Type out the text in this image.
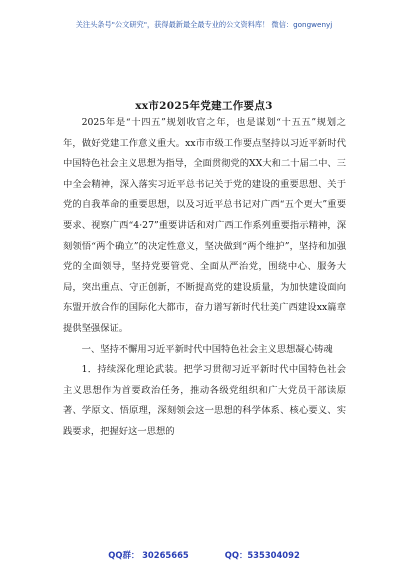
关注头条号"公文研究"，获得最新最全最专业的公文资料库！ 微信：gongwenyj
xx市2025年党建工作要点3

2025年是“十四五”规划收官之年，也是谋划“十五五”规划之年，做好党建工作意义重大。xx市市级工作要点坚持以习近平新时代中国特色社会主义思想为指导，全面贯彻党的XX大和二十届二中、三中全会精神，深入落实习近平总书记关于党的建设的重要思想、关于党的自我革命的重要思想，以及习近平总书记对广西“五个更大”重要要求、视察广西“4·27”重要讲话和对广西工作系列重要指示精神，深刻领悟“两个确立”的决定性意义，坚决做到“两个维护”，坚持和加强党的全面领导，坚持党要管党、全面从严治党，围绕中心、服务大局，突出重点、守正创新，不断提高党的建设质量，为加快建设面向东盟开放合作的国际化大都市，奋力谱写新时代壮美广西建设xx篇章提供坚强保证。

一、坚持不懈用习近平新时代中国特色社会主义思想凝心铸魂

1．持续深化理论武装。把学习贯彻习近平新时代中国特色社会主义思想作为首要政治任务，推动各级党组织和广大党员干部读原著、学原文、悟原理，深刻领会这一思想的科学体系、核心要义、实践要求，把握好这一思想的

QQ群： 30265665	QQ：535304092
